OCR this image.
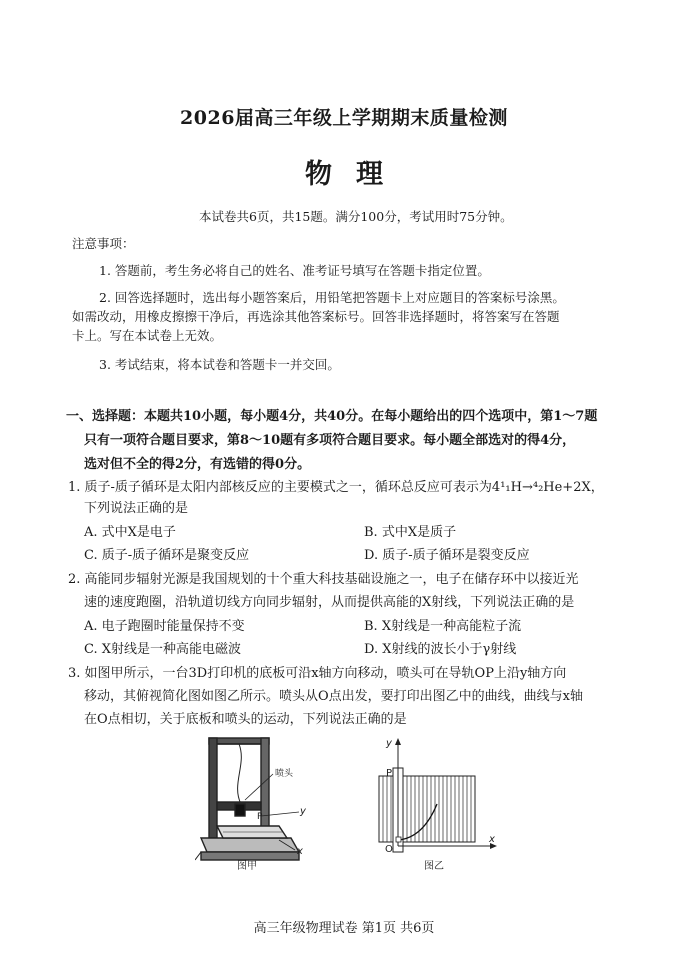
2026届高三年级上学期期末质量检测
物理
本试卷共6页，共15题。满分100分，考试用时75分钟。
注意事项：
1. 答题前，考生务必将自己的姓名、准考证号填写在答题卡指定位置。
2. 回答选择题时，选出每小题答案后，用铅笔把答题卡上对应题目的答案标号涂黑。
如需改动，用橡皮擦擦干净后，再选涂其他答案标号。回答非选择题时，将答案写在答题
卡上。写在本试卷上无效。
3. 考试结束，将本试卷和答题卡一并交回。
一、选择题：本题共10小题，每小题4分，共40分。在每小题给出的四个选项中，第1～7题
只有一项符合题目要求，第8～10题有多项符合题目要求。每小题全部选对的得4分，
选对但不全的得2分，有选错的得0分。
1. 质子-质子循环是太阳内部核反应的主要模式之一，循环总反应可表示为4¹₁H→⁴₂He+2X，
下列说法正确的是
A. 式中X是电子	B. 式中X是质子
C. 质子-质子循环是聚变反应	D. 质子-质子循环是裂变反应
2. 高能同步辐射光源是我国规划的十个重大科技基础设施之一，电子在储存环中以接近光
速的速度跑圈，沿轨道切线方向同步辐射，从而提供高能的X射线，下列说法正确的是
A. 电子跑圈时能量保持不变	B. X射线是一种高能粒子流
C. X射线是一种高能电磁波	D. X射线的波长小于γ射线
3. 如图甲所示，一台3D打印机的底板可沿x轴方向移动，喷头可在导轨OP上沿y轴方向
移动，其俯视简化图如图乙所示。喷头从O点出发，要打印出图乙中的曲线，曲线与x轴
在O点相切，关于底板和喷头的运动，下列说法正确的是
喷头
P	y
x
图甲
y
P
O
x
图乙
高三年级物理试卷 第1页 共6页
